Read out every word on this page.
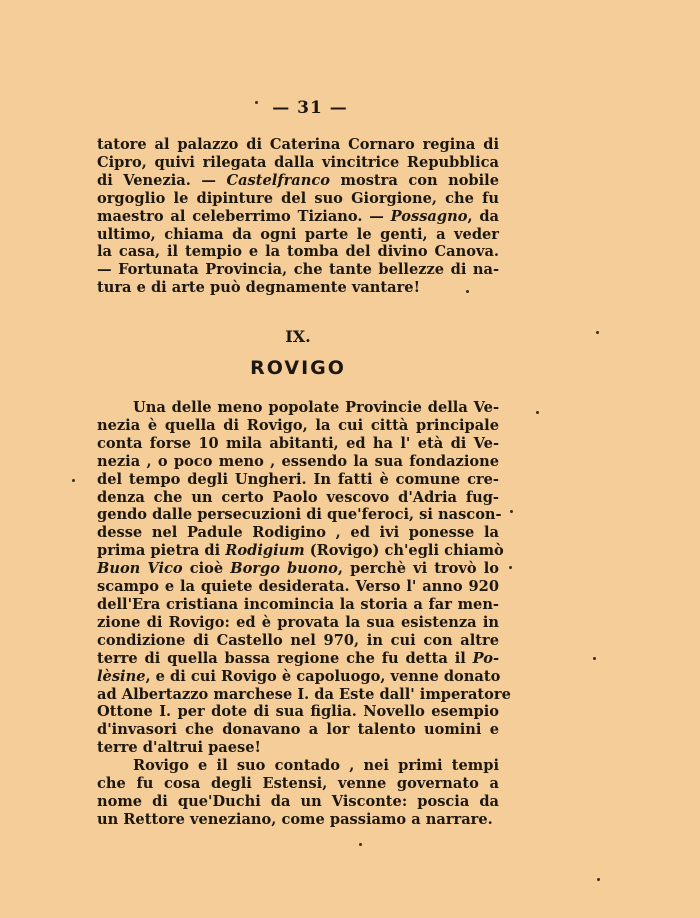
— 31 —
tatore al palazzo di Caterina Cornaro regina di
Cipro, quivi rilegata dalla vincitrice Repubblica
di Venezia. — Castelfranco mostra con nobile
orgoglio le dipinture del suo Giorgione, che fu
maestro al celeberrimo Tiziano. — Possagno, da
ultimo, chiama da ogni parte le genti, a veder
la casa, il tempio e la tomba del divino Canova.
— Fortunata Provincia, che tante bellezze di na-
tura e di arte può degnamente vantare!
IX.
ROVIGO
Una delle meno popolate Provincie della Ve-
nezia è quella di Rovigo, la cui città principale
conta forse 10 mila abitanti, ed ha l' età di Ve-
nezia , o poco meno , essendo la sua fondazione
del tempo degli Ungheri. In fatti è comune cre-
denza che un certo Paolo vescovo d'Adria fug-
gendo dalle persecuzioni di que'feroci, si nascon-
desse nel Padule Rodigino , ed ivi ponesse la
prima pietra di Rodigium (Rovigo) ch'egli chiamò
Buon Vico cioè Borgo buono, perchè vi trovò lo
scampo e la quiete desiderata. Verso l' anno 920
dell'Era cristiana incomincia la storia a far men-
zione di Rovigo: ed è provata la sua esistenza in
condizione di Castello nel 970, in cui con altre
terre di quella bassa regione che fu detta il Po-
lèsine, e di cui Rovigo è capoluogo, venne donato
ad Albertazzo marchese I. da Este dall' imperatore
Ottone I. per dote di sua figlia. Novello esempio
d'invasori che donavano a lor talento uomini e
terre d'altrui paese!
Rovigo e il suo contado , nei primi tempi
che fu cosa degli Estensi, venne governato a
nome di que'Duchi da un Visconte: poscia da
un Rettore veneziano, come passiamo a narrare.
